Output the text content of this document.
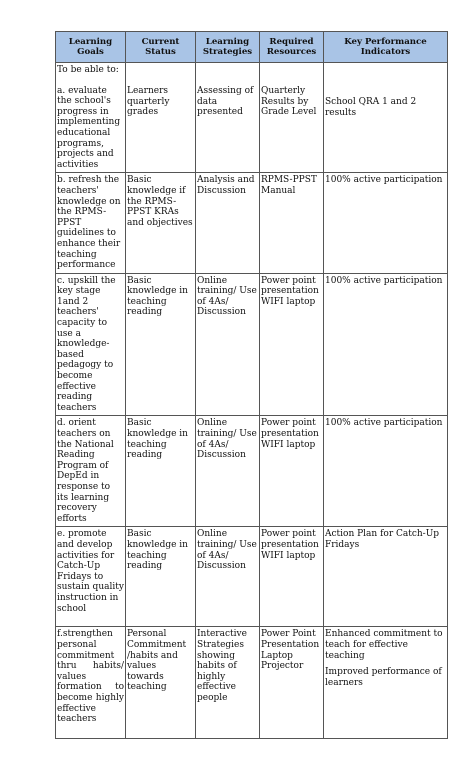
Learning Goals	Current Status	Learning Strategies	Required Resources	Key Performance Indicators

To be able to:
a. evaluate the school's progress in implementing educational programs, projects and activities	Learners quarterly grades	Assessing of data presented	Quarterly Results by Grade Level	School QRA 1 and 2 results

b. refresh the teachers' knowledge on the RPMS-PPST guidelines to enhance their teaching performance	Basic knowledge if the RPMS-PPST KRAs and objectives	Analysis and Discussion	RPMS-PPST Manual	100% active participation

c. upskill the key stage 1and 2 teachers' capacity to use a knowledge-based pedagogy to become effective reading teachers	Basic knowledge in teaching reading	Online training/ Use of 4As/ Discussion	Power point presentation WIFI laptop	100% active participation

d. orient teachers on the National Reading Program of DepEd in response to its learning recovery efforts	Basic knowledge in teaching reading	Online training/ Use of 4As/ Discussion	Power point presentation WIFI laptop	100% active participation

e. promote and develop activities for Catch-Up Fridays to sustain quality instruction in school	Basic knowledge in teaching reading	Online training/ Use of 4As/ Discussion	Power point presentation WIFI laptop	Action Plan for Catch-Up Fridays

f.strengthen personal commitment thru habits/ values formation to become highly effective teachers	Personal Commitment /habits and values towards teaching	Interactive Strategies showing habits of highly effective people	Power Point Presentation Laptop Projector	Enhanced commitment to teach for effective teaching
Improved performance of learners
